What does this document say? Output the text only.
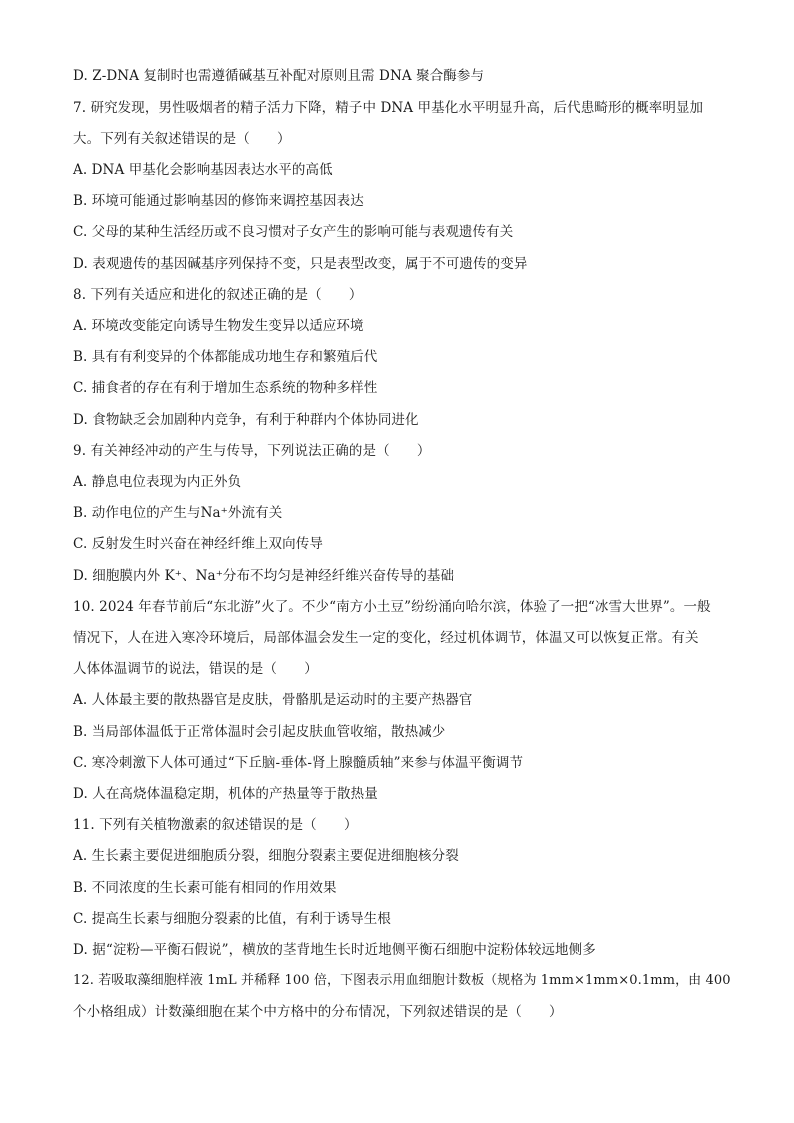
D. Z-DNA 复制时也需遵循碱基互补配对原则且需 DNA 聚合酶参与
7. 研究发现，男性吸烟者的精子活力下降，精子中 DNA 甲基化水平明显升高，后代患畸形的概率明显加
大。下列有关叙述错误的是（　　）
A. DNA 甲基化会影响基因表达水平的高低
B. 环境可能通过影响基因的修饰来调控基因表达
C. 父母的某种生活经历或不良习惯对子女产生的影响可能与表观遗传有关
D. 表观遗传的基因碱基序列保持不变，只是表型改变，属于不可遗传的变异
8. 下列有关适应和进化的叙述正确的是（　　）
A. 环境改变能定向诱导生物发生变异以适应环境
B. 具有有利变异的个体都能成功地生存和繁殖后代
C. 捕食者的存在有利于增加生态系统的物种多样性
D. 食物缺乏会加剧种内竞争，有利于种群内个体协同进化
9. 有关神经冲动的产生与传导，下列说法正确的是（　　）
A. 静息电位表现为内正外负
B. 动作电位的产生与Na⁺外流有关
C. 反射发生时兴奋在神经纤维上双向传导
D. 细胞膜内外 K⁺、Na⁺分布不均匀是神经纤维兴奋传导的基础
10. 2024 年春节前后“东北游”火了。不少“南方小土豆”纷纷涌向哈尔滨，体验了一把“冰雪大世界”。一般
情况下，人在进入寒冷环境后，局部体温会发生一定的变化，经过机体调节，体温又可以恢复正常。有关
人体体温调节的说法，错误的是（　　）
A. 人体最主要的散热器官是皮肤，骨骼肌是运动时的主要产热器官
B. 当局部体温低于正常体温时会引起皮肤血管收缩，散热减少
C. 寒冷刺激下人体可通过“下丘脑-垂体-肾上腺髓质轴”来参与体温平衡调节
D. 人在高烧体温稳定期，机体的产热量等于散热量
11. 下列有关植物激素的叙述错误的是（　　）
A. 生长素主要促进细胞质分裂，细胞分裂素主要促进细胞核分裂
B. 不同浓度的生长素可能有相同的作用效果
C. 提高生长素与细胞分裂素的比值，有利于诱导生根
D. 据“淀粉—平衡石假说”，横放的茎背地生长时近地侧平衡石细胞中淀粉体较远地侧多
12. 若吸取藻细胞样液 1mL 并稀释 100 倍，下图表示用血细胞计数板（规格为 1mm×1mm×0.1mm，由 400
个小格组成）计数藻细胞在某个中方格中的分布情况，下列叙述错误的是（　　）
